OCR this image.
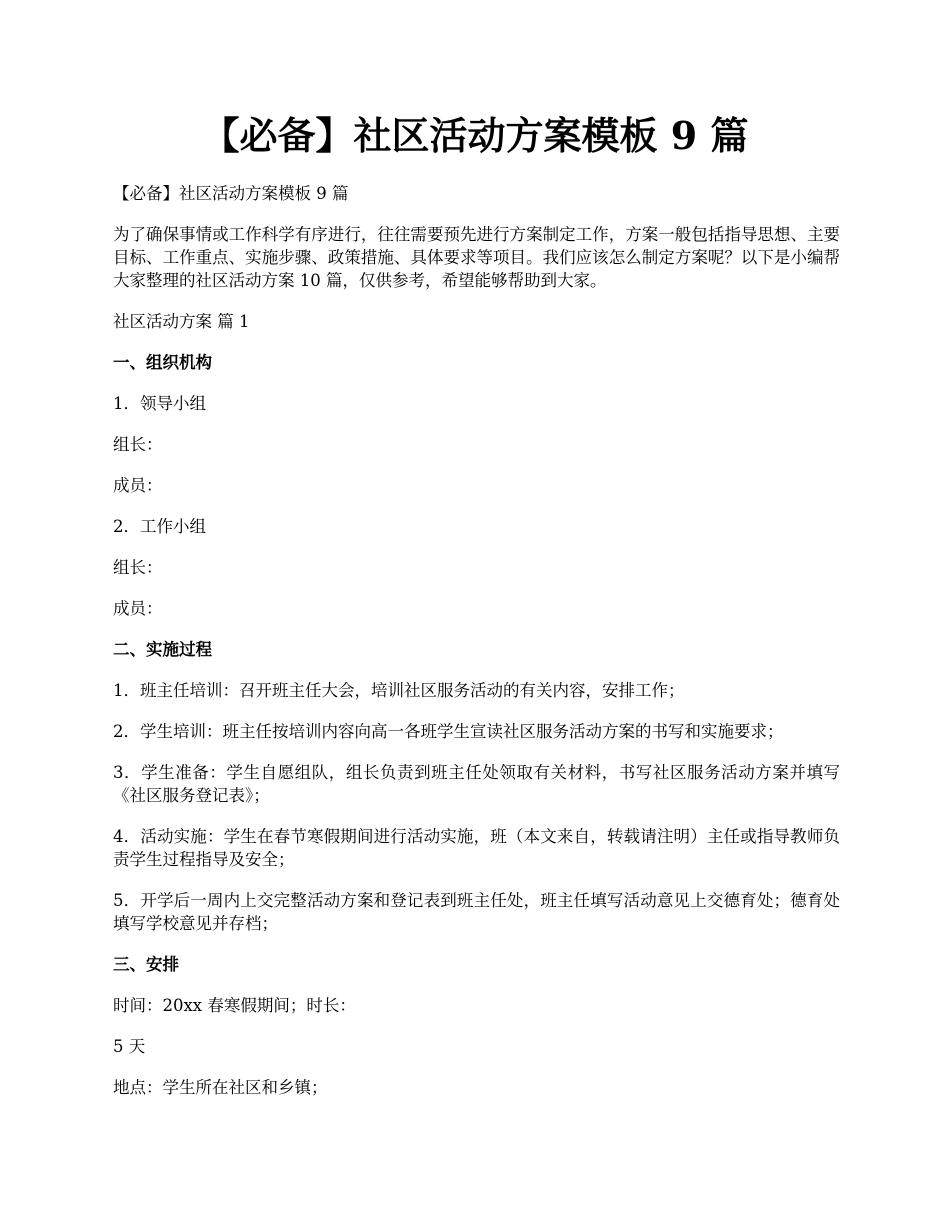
【必备】社区活动方案模板 9 篇

【必备】社区活动方案模板 9 篇

为了确保事情或工作科学有序进行，往往需要预先进行方案制定工作，方案一般包括指导思想、主要目标、工作重点、实施步骤、政策措施、具体要求等项目。我们应该怎么制定方案呢？以下是小编帮大家整理的社区活动方案 10 篇，仅供参考，希望能够帮助到大家。

社区活动方案 篇 1

一、组织机构

1．领导小组

组长：

成员：

2．工作小组

组长：

成员：

二、实施过程

1．班主任培训：召开班主任大会，培训社区服务活动的有关内容，安排工作；

2．学生培训：班主任按培训内容向高一各班学生宣读社区服务活动方案的书写和实施要求；

3．学生准备：学生自愿组队，组长负责到班主任处领取有关材料，书写社区服务活动方案并填写《社区服务登记表》；

4．活动实施：学生在春节寒假期间进行活动实施，班（本文来自，转载请注明）主任或指导教师负责学生过程指导及安全；

5．开学后一周内上交完整活动方案和登记表到班主任处，班主任填写活动意见上交德育处；德育处填写学校意见并存档；

三、安排

时间：20xx 春寒假期间；时长：

5 天

地点：学生所在社区和乡镇；
